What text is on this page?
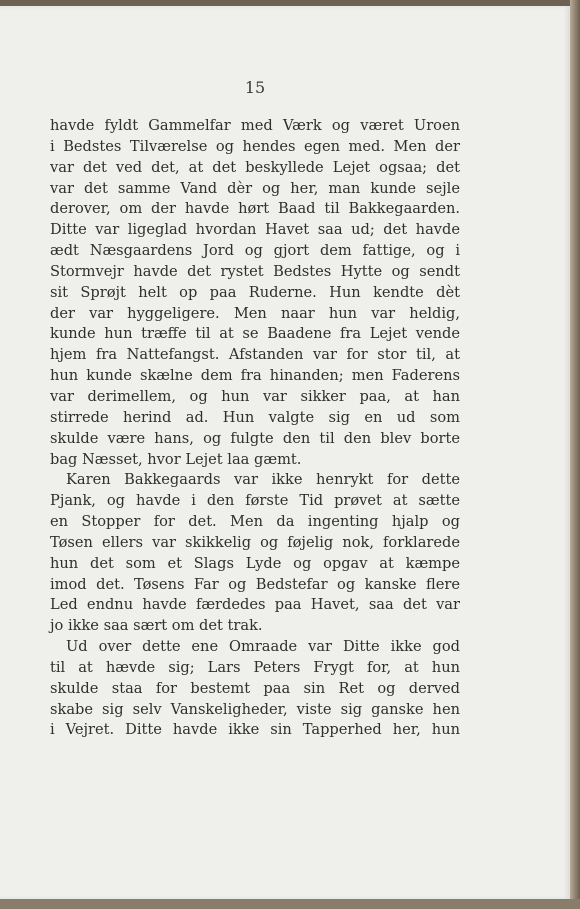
15
havde fyldt Gammelfar med Værk og været Uroen
i Bedstes Tilværelse og hendes egen med. Men der
var det ved det, at det beskyllede Lejet ogsaa; det
var det samme Vand dèr og her, man kunde sejle
derover, om der havde hørt Baad til Bakkegaarden.
Ditte var ligeglad hvordan Havet saa ud; det havde
ædt Næsgaardens Jord og gjort dem fattige, og i
Stormvejr havde det rystet Bedstes Hytte og sendt
sit Sprøjt helt op paa Ruderne. Hun kendte dèt
der var hyggeligere. Men naar hun var heldig,
kunde hun træffe til at se Baadene fra Lejet vende
hjem fra Nattefangst. Afstanden var for stor til, at
hun kunde skælne dem fra hinanden; men Faderens
var derimellem, og hun var sikker paa, at han
stirrede herind ad. Hun valgte sig en ud som
skulde være hans, og fulgte den til den blev borte
bag Næsset, hvor Lejet laa gæmt.
Karen Bakkegaards var ikke henrykt for dette
Pjank, og havde i den første Tid prøvet at sætte
en Stopper for det. Men da ingenting hjalp og
Tøsen ellers var skikkelig og føjelig nok, forklarede
hun det som et Slags Lyde og opgav at kæmpe
imod det. Tøsens Far og Bedstefar og kanske flere
Led endnu havde færdedes paa Havet, saa det var
jo ikke saa sært om det trak.
Ud over dette ene Omraade var Ditte ikke god
til at hævde sig; Lars Peters Frygt for, at hun
skulde staa for bestemt paa sin Ret og derved
skabe sig selv Vanskeligheder, viste sig ganske hen
i Vejret. Ditte havde ikke sin Tapperhed her, hun
